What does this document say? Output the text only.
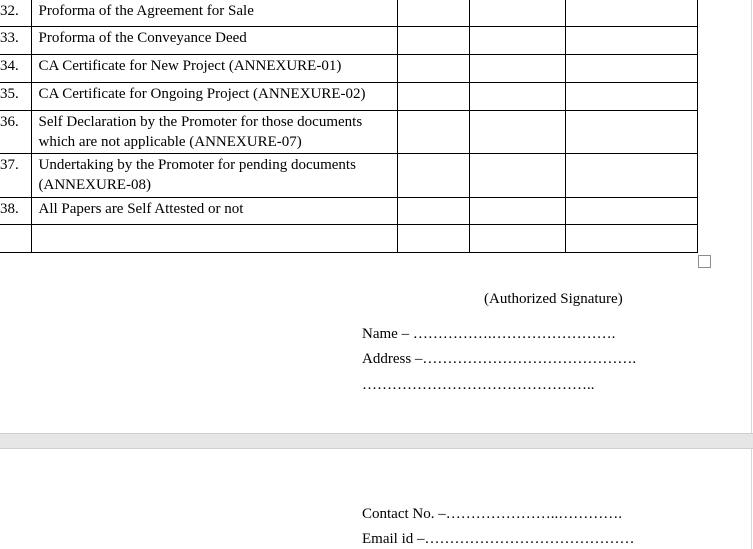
32.	Proforma of the Agreement for Sale			

33.	Proforma of the Conveyance Deed			

34.	CA Certificate for New Project (ANNEXURE-01)			

35.	CA Certificate for Ongoing Project (ANNEXURE-02)			

36.	Self Declaration by the Promoter for those documents which are not applicable (ANNEXURE-07)			

37.	Undertaking by the Promoter for pending documents (ANNEXURE-08)			

38.	All Papers are Self Attested or not			

(Authorized Signature)
Name – …………….…………………….
Address –…………………………………….
………………………………………..
Contact No. –…………………..………….
Email id –……………………………………
